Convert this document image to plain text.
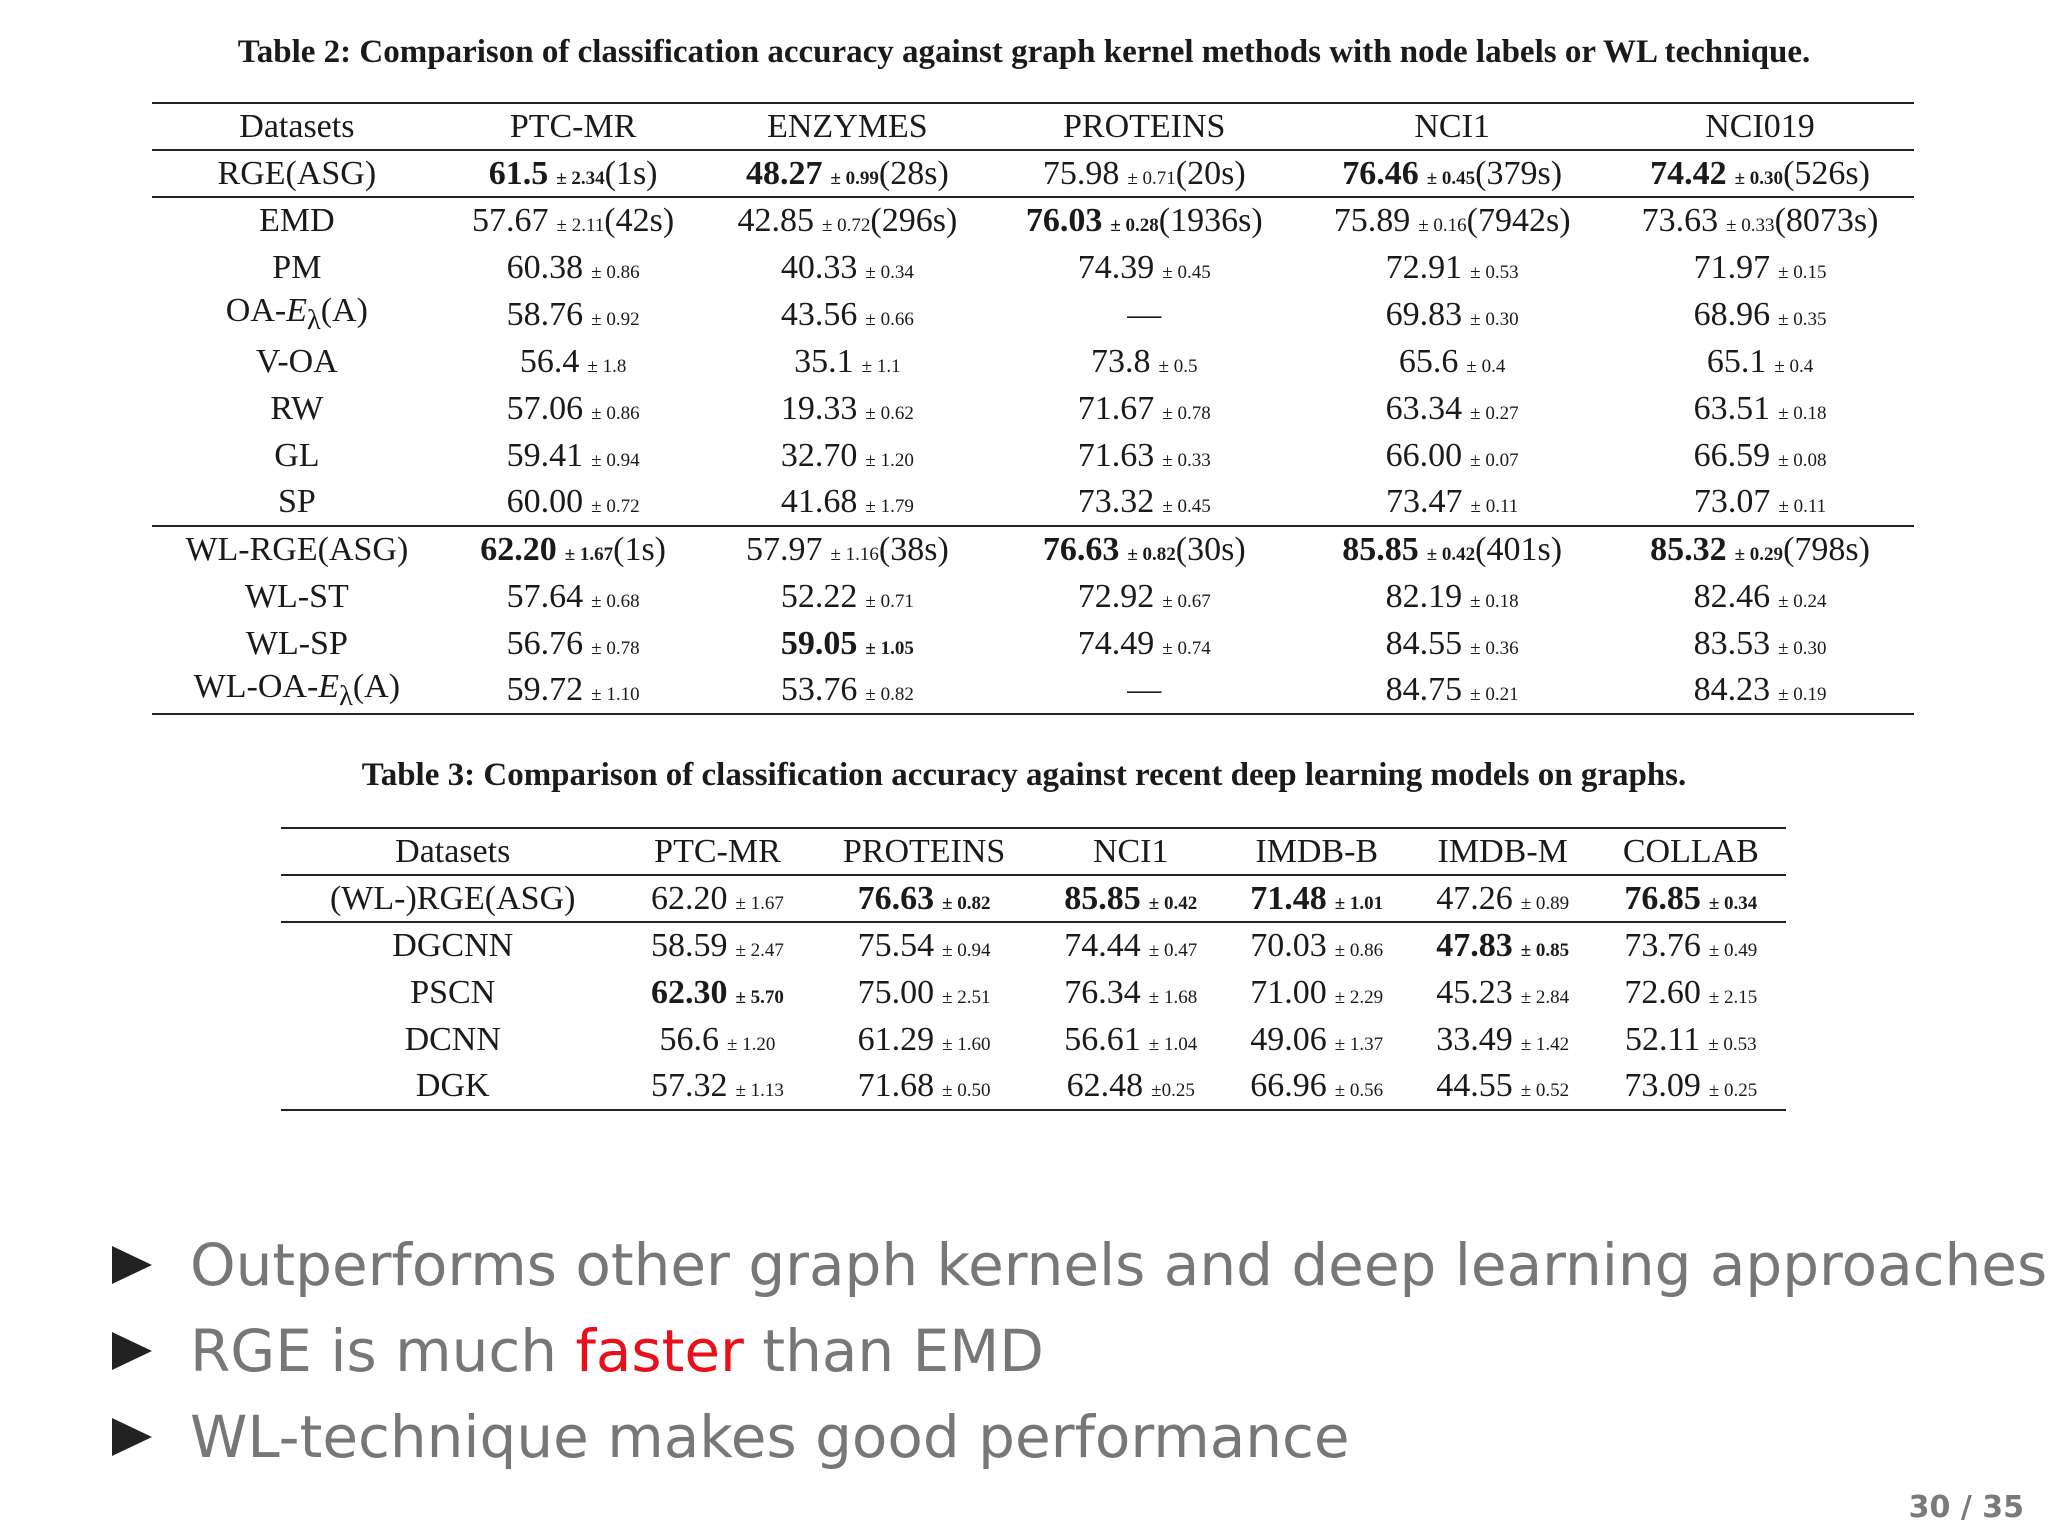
Table 2: Comparison of classification accuracy against graph kernel methods with node labels or WL technique.
Datasets	PTC-MR	ENZYMES	PROTEINS	NCI1	NCI019
RGE(ASG)	61.5 ± 2.34(1s)	48.27 ± 0.99(28s)	75.98 ± 0.71(20s)	76.46 ± 0.45(379s)	74.42 ± 0.30(526s)
EMD	57.67 ± 2.11(42s)	42.85 ± 0.72(296s)	76.03 ± 0.28(1936s)	75.89 ± 0.16(7942s)	73.63 ± 0.33(8073s)
PM	60.38 ± 0.86	40.33 ± 0.34	74.39 ± 0.45	72.91 ± 0.53	71.97 ± 0.15
$OA-E_\lambda(A)$	58.76 ± 0.92	43.56 ± 0.66	—	69.83 ± 0.30	68.96 ± 0.35
V-OA	56.4 ± 1.8	35.1 ± 1.1	73.8 ± 0.5	65.6 ± 0.4	65.1 ± 0.4
RW	57.06 ± 0.86	19.33 ± 0.62	71.67 ± 0.78	63.34 ± 0.27	63.51 ± 0.18
GL	59.41 ± 0.94	32.70 ± 1.20	71.63 ± 0.33	66.00 ± 0.07	66.59 ± 0.08
SP	60.00 ± 0.72	41.68 ± 1.79	73.32 ± 0.45	73.47 ± 0.11	73.07 ± 0.11
WL-RGE(ASG)	62.20 ± 1.67(1s)	57.97 ± 1.16(38s)	76.63 ± 0.82(30s)	85.85 ± 0.42(401s)	85.32 ± 0.29(798s)
WL-ST	57.64 ± 0.68	52.22 ± 0.71	72.92 ± 0.67	82.19 ± 0.18	82.46 ± 0.24
WL-SP	56.76 ± 0.78	59.05 ± 1.05	74.49 ± 0.74	84.55 ± 0.36	83.53 ± 0.30
$WL-OA-E_\lambda(A)$	59.72 ± 1.10	53.76 ± 0.82	—	84.75 ± 0.21	84.23 ± 0.19
Table 3: Comparison of classification accuracy against recent deep learning models on graphs.
Datasets	PTC-MR	PROTEINS	NCI1	IMDB-B	IMDB-M	COLLAB
(WL-)RGE(ASG)	62.20 ± 1.67	76.63 ± 0.82	85.85 ± 0.42	71.48 ± 1.01	47.26 ± 0.89	76.85 ± 0.34
DGCNN	58.59 ± 2.47	75.54 ± 0.94	74.44 ± 0.47	70.03 ± 0.86	47.83 ± 0.85	73.76 ± 0.49
PSCN	62.30 ± 5.70	75.00 ± 2.51	76.34 ± 1.68	71.00 ± 2.29	45.23 ± 2.84	72.60 ± 2.15
DCNN	56.6 ± 1.20	61.29 ± 1.60	56.61 ± 1.04	49.06 ± 1.37	33.49 ± 1.42	52.11 ± 0.53
DGK	57.32 ± 1.13	71.68 ± 0.50	62.48 ±0.25	66.96 ± 0.56	44.55 ± 0.52	73.09 ± 0.25
Outperforms other graph kernels and deep learning approaches
RGE is much faster than EMD
WL-technique makes good performance
30 / 35
